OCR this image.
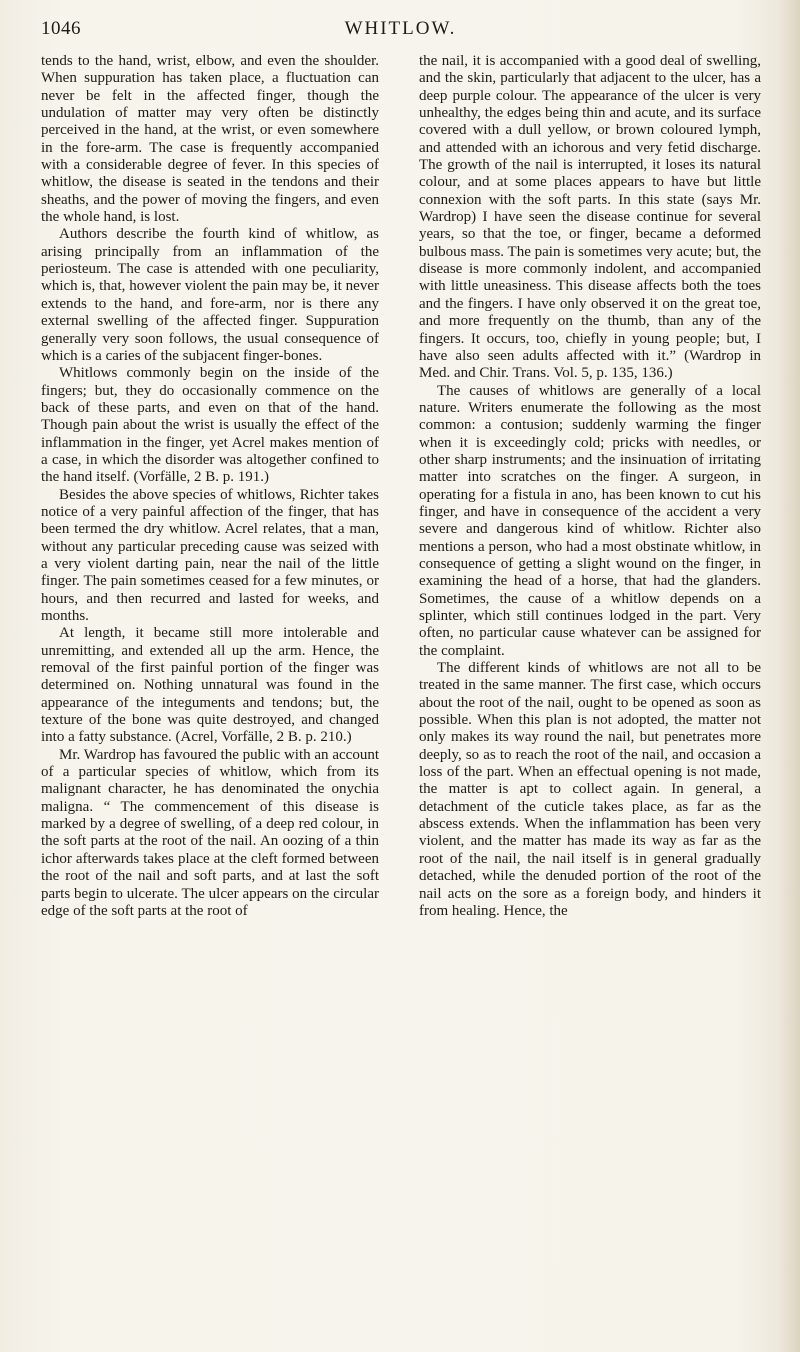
1046	WHITLOW.

tends to the hand, wrist, elbow, and even the shoulder. When suppuration has taken place, a fluctuation can never be felt in the affected finger, though the undulation of matter may very often be distinctly perceived in the hand, at the wrist, or even somewhere in the fore-arm. The case is frequently accompanied with a considerable degree of fever. In this species of whitlow, the disease is seated in the tendons and their sheaths, and the power of moving the fingers, and even the whole hand, is lost.

Authors describe the fourth kind of whitlow, as arising principally from an inflammation of the periosteum. The case is attended with one peculiarity, which is, that, however violent the pain may be, it never extends to the hand, and fore-arm, nor is there any external swelling of the affected finger. Suppuration generally very soon follows, the usual consequence of which is a caries of the subjacent finger-bones.

Whitlows commonly begin on the inside of the fingers; but, they do occasionally commence on the back of these parts, and even on that of the hand. Though pain about the wrist is usually the effect of the inflammation in the finger, yet Acrel makes mention of a case, in which the disorder was altogether confined to the hand itself. (Vorfälle, 2 B. p. 191.)

Besides the above species of whitlows, Richter takes notice of a very painful affection of the finger, that has been termed the dry whitlow. Acrel relates, that a man, without any particular preceding cause was seized with a very violent darting pain, near the nail of the little finger. The pain sometimes ceased for a few minutes, or hours, and then recurred and lasted for weeks, and months.

At length, it became still more intolerable and unremitting, and extended all up the arm. Hence, the removal of the first painful portion of the finger was determined on. Nothing unnatural was found in the appearance of the integuments and tendons; but, the texture of the bone was quite destroyed, and changed into a fatty substance. (Acrel, Vorfälle, 2 B. p. 210.)

Mr. Wardrop has favoured the public with an account of a particular species of whitlow, which from its malignant character, he has denominated the onychia maligna. “ The commencement of this disease is marked by a degree of swelling, of a deep red colour, in the soft parts at the root of the nail. An oozing of a thin ichor afterwards takes place at the cleft formed between the root of the nail and soft parts, and at last the soft parts begin to ulcerate. The ulcer appears on the circular edge of the soft parts at the root of

the nail, it is accompanied with a good deal of swelling, and the skin, particularly that adjacent to the ulcer, has a deep purple colour. The appearance of the ulcer is very unhealthy, the edges being thin and acute, and its surface covered with a dull yellow, or brown coloured lymph, and attended with an ichorous and very fetid discharge. The growth of the nail is interrupted, it loses its natural colour, and at some places appears to have but little connexion with the soft parts. In this state (says Mr. Wardrop) I have seen the disease continue for several years, so that the toe, or finger, became a deformed bulbous mass. The pain is sometimes very acute; but, the disease is more commonly indolent, and accompanied with little uneasiness. This disease affects both the toes and the fingers. I have only observed it on the great toe, and more frequently on the thumb, than any of the fingers. It occurs, too, chiefly in young people; but, I have also seen adults affected with it.” (Wardrop in Med. and Chir. Trans. Vol. 5, p. 135, 136.)

The causes of whitlows are generally of a local nature. Writers enumerate the following as the most common: a contusion; suddenly warming the finger when it is exceedingly cold; pricks with needles, or other sharp instruments; and the insinuation of irritating matter into scratches on the finger. A surgeon, in operating for a fistula in ano, has been known to cut his finger, and have in consequence of the accident a very severe and dangerous kind of whitlow. Richter also mentions a person, who had a most obstinate whitlow, in consequence of getting a slight wound on the finger, in examining the head of a horse, that had the glanders. Sometimes, the cause of a whitlow depends on a splinter, which still continues lodged in the part. Very often, no particular cause whatever can be assigned for the complaint.

The different kinds of whitlows are not all to be treated in the same manner. The first case, which occurs about the root of the nail, ought to be opened as soon as possible. When this plan is not adopted, the matter not only makes its way round the nail, but penetrates more deeply, so as to reach the root of the nail, and occasion a loss of the part. When an effectual opening is not made, the matter is apt to collect again. In general, a detachment of the cuticle takes place, as far as the abscess extends. When the inflammation has been very violent, and the matter has made its way as far as the root of the nail, the nail itself is in general gradually detached, while the denuded portion of the root of the nail acts on the sore as a foreign body, and hinders it from healing. Hence, the
